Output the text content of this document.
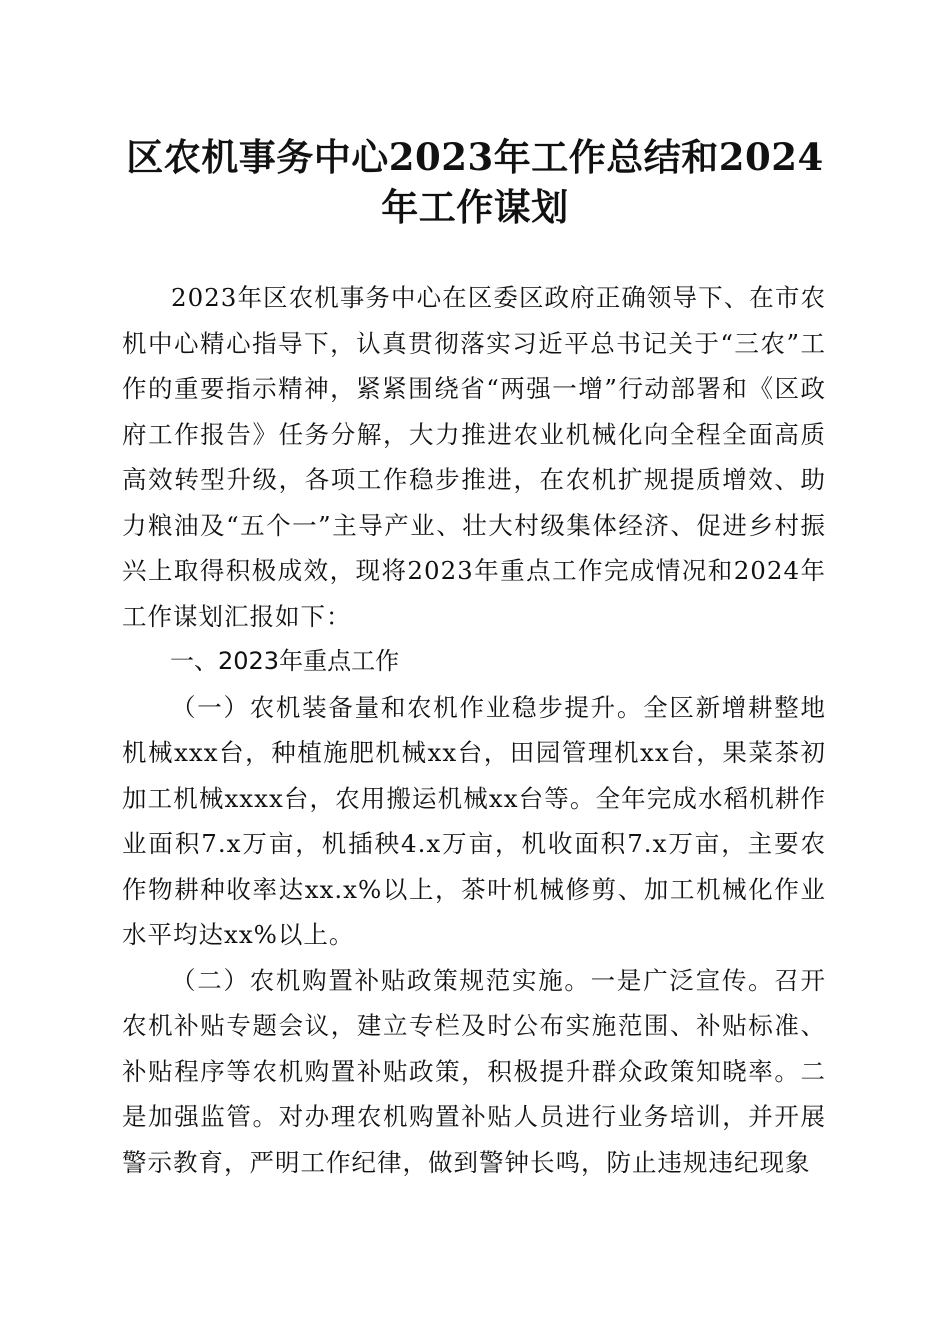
区农机事务中心2023年工作总结和2024年工作谋划

2023年区农机事务中心在区委区政府正确领导下、在市农机中心精心指导下，认真贯彻落实习近平总书记关于“三农”工作的重要指示精神，紧紧围绕省“两强一增”行动部署和《区政府工作报告》任务分解，大力推进农业机械化向全程全面高质高效转型升级，各项工作稳步推进，在农机扩规提质增效、助力粮油及“五个一”主导产业、壮大村级集体经济、促进乡村振兴上取得积极成效，现将2023年重点工作完成情况和2024年工作谋划汇报如下：

一、2023年重点工作

（一）农机装备量和农机作业稳步提升。全区新增耕整地机械xxx台，种植施肥机械xx台，田园管理机xx台，果菜茶初加工机械xxxx台，农用搬运机械xx台等。全年完成水稻机耕作业面积7.x万亩，机插秧4.x万亩，机收面积7.x万亩，主要农作物耕种收率达xx.x%以上，茶叶机械修剪、加工机械化作业水平均达xx%以上。

（二）农机购置补贴政策规范实施。一是广泛宣传。召开农机补贴专题会议，建立专栏及时公布实施范围、补贴标准、补贴程序等农机购置补贴政策，积极提升群众政策知晓率。二是加强监管。对办理农机购置补贴人员进行业务培训，并开展警示教育，严明工作纪律，做到警钟长鸣，防止违规违纪现象
